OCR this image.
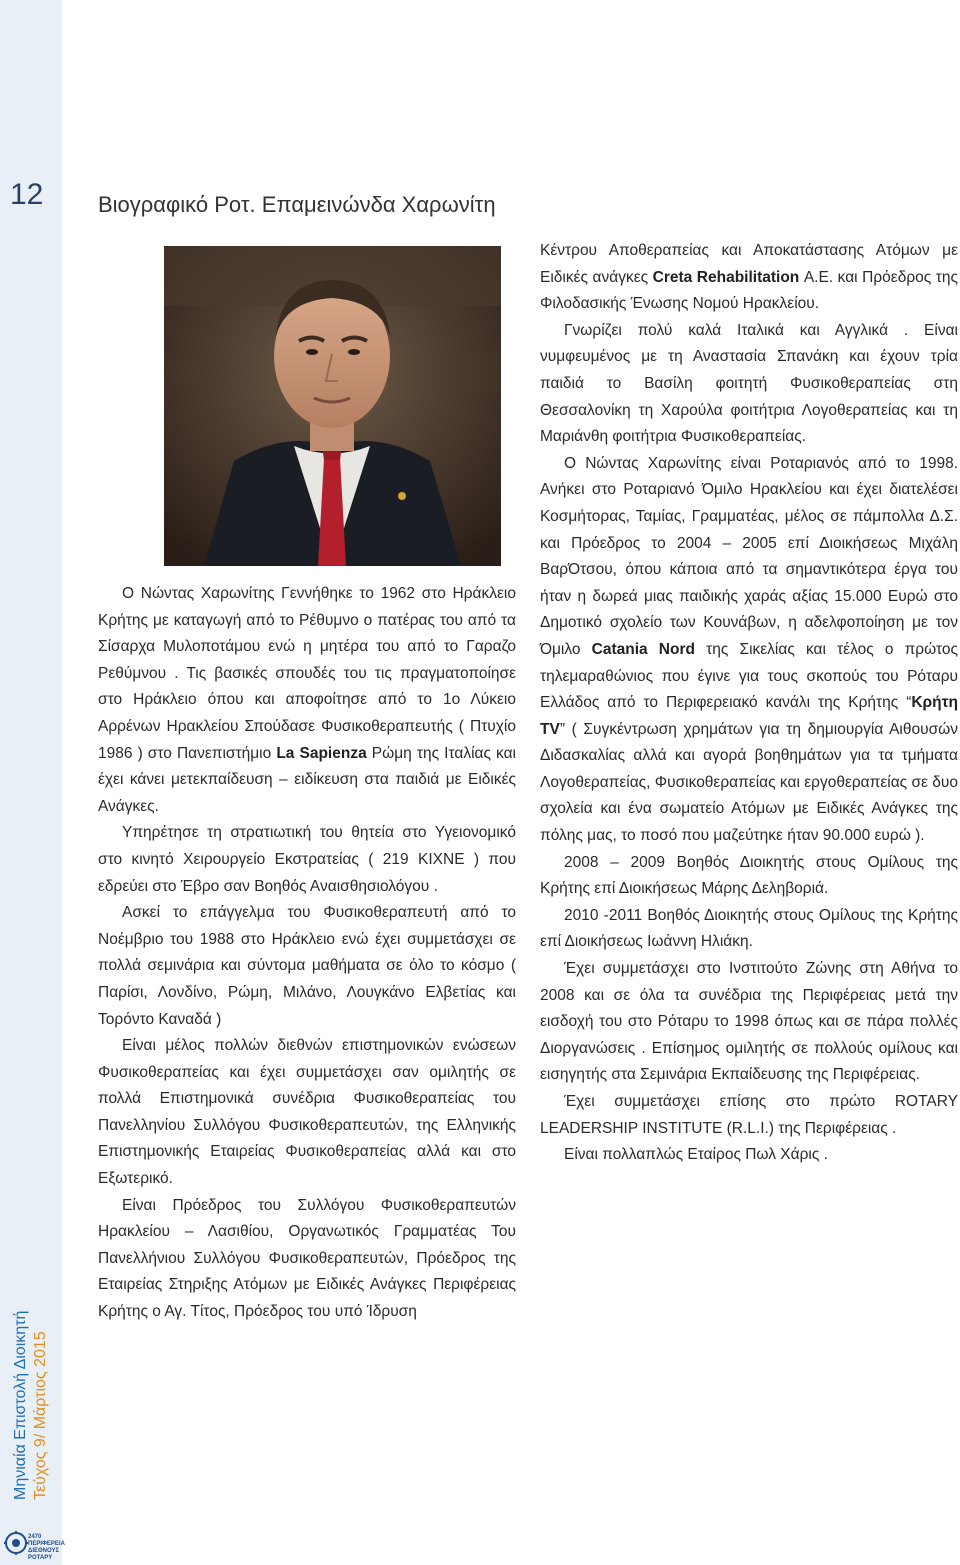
12
Μηνιαία Επιστολή Διοικητή Τεύχος 9/ Μάρτιος 2015
2470
ΠΕΡΙΦΕΡΕΙΑ
ΔΙΕΘΝΟΥΣ ΡΟΤΑΡΥ
Βιογραφικό Ροτ. Επαμεινώνδα Χαρωνίτη

Ο Νώντας Χαρωνίτης Γεννήθηκε το 1962 στο Ηράκλειο Κρήτης με καταγωγή από το Ρέθυμνο ο πατέρας του από τα Σίσαρχα Μυλοποτάμου ενώ η μητέρα του από το Γαραζο Ρεθύμνου . Τις βασικές σπουδές του τις πραγματοποίησε στο Ηράκλειο όπου και αποφοίτησε από το 1ο Λύκειο Αρρένων Ηρακλείου Σπούδασε Φυσικοθεραπευτής ( Πτυχίο 1986 ) στο Πανεπιστήμιο La Sapienza Ρώμη της Ιταλίας και έχει κάνει μετεκπαίδευση – ειδίκευση στα παιδιά με Ειδικές Ανάγκες.

Υπηρέτησε τη στρατιωτική του θητεία στο Υγειονομικό στο κινητό Χειρουργείο Εκστρατείας ( 219 ΚΙΧΝΕ ) που εδρεύει στο Έβρο σαν Βοηθός Αναισθησιολόγου .

Ασκεί το επάγγελμα του Φυσικοθεραπευτή από το Νοέμβριο του 1988 στο Ηράκλειο ενώ έχει συμμετάσχει σε πολλά σεμινάρια και σύντομα μαθήματα σε όλο το κόσμο ( Παρίσι, Λονδίνο, Ρώμη, Μιλάνο, Λουγκάνο Ελβετίας και Τορόντο Καναδά )

Είναι μέλος πολλών διεθνών επιστημονικών ενώσεων Φυσικοθεραπείας και έχει συμμετάσχει σαν ομιλητής σε πολλά Επιστημονικά συνέδρια Φυσικοθεραπείας του Πανελληνίου Συλλόγου Φυσικοθεραπευτών, της Ελληνικής Επιστημονικής Εταιρείας Φυσικοθεραπείας αλλά και στο Εξωτερικό.

Είναι Πρόεδρος του Συλλόγου Φυσικοθεραπευτών Ηρακλείου – Λασιθίου, Οργανωτικός Γραμματέας Του Πανελλήνιου Συλλόγου Φυσικοθεραπευτών, Πρόεδρος της Εταιρείας Στηριξης Ατόμων με Ειδικές Ανάγκες Περιφέρειας Κρήτης ο Αγ. Τίτος, Πρόεδρος του υπό Ίδρυση

Κέντρου Αποθεραπείας και Αποκατάστασης Ατόμων με Ειδικές ανάγκες Creta Rehabilitation Α.Ε. και Πρόεδρος της Φιλοδασικής Ένωσης Νομού Ηρακλείου.

Γνωρίζει πολύ καλά Ιταλικά και Αγγλικά . Είναι νυμφευμένος με τη Αναστασία Σπανάκη και έχουν τρία παιδιά το Βασίλη φοιτητή Φυσικοθεραπείας στη Θεσσαλονίκη τη Χαρούλα φοιτήτρια Λογοθεραπείας και τη Μαριάνθη φοιτήτρια Φυσικοθεραπείας.

Ο Νώντας Χαρωνίτης είναι Ροταριανός από το 1998. Ανήκει στο Ροταριανό Όμιλο Ηρακλείου και έχει διατελέσει Κοσμήτορας, Ταμίας, Γραμματέας, μέλος σε πάμπολλα Δ.Σ. και Πρόεδρος το 2004 – 2005 επί Διοικήσεως Μιχάλη ΒαρΌτσου, όπου κάποια από τα σημαντικότερα έργα του ήταν η δωρεά μιας παιδικής χαράς αξίας 15.000 Ευρώ στο Δημοτικό σχολείο των Κουνάβων, η αδελφοποίηση με τον Όμιλο Catania Nord της Σικελίας και τέλος ο πρώτος τηλεμαραθώνιος που έγινε για τους σκοπούς του Ρόταρυ Ελλάδος από το Περιφερειακό κανάλι της Κρήτης “Κρήτη TV” ( Συγκέντρωση χρημάτων για τη δημιουργία Αιθουσών Διδασκαλίας αλλά και αγορά βοηθημάτων για τα τμήματα Λογοθεραπείας, Φυσικοθεραπείας και εργοθεραπείας σε δυο σχολεία και ένα σωματείο Ατόμων με Ειδικές Ανάγκες της πόλης μας, το ποσό που μαζεύτηκε ήταν 90.000 ευρώ ).

2008 – 2009 Βοηθός Διοικητής στους Ομίλους της Κρήτης επί Διοικήσεως Μάρης Δεληβοριά.

2010 -2011 Βοηθός Διοικητής στους Ομίλους της Κρήτης επί Διοικήσεως Ιωάννη Ηλιάκη.

Έχει συμμετάσχει στο Ινστιτούτο Ζώνης στη Αθήνα το 2008 και σε όλα τα συνέδρια της Περιφέρειας μετά την εισδοχή του στο Ρόταρυ το 1998 όπως και σε πάρα πολλές Διοργανώσεις . Επίσημος ομιλητής σε πολλούς ομίλους και εισηγητής στα Σεμινάρια Εκπαίδευσης της Περιφέρειας.

Έχει συμμετάσχει επίσης στο πρώτο ROTARY LEADERSHIP INSTITUTE (R.L.I.) της Περιφέρειας .

Είναι πολλαπλώς Εταίρος Πωλ Χάρις .
